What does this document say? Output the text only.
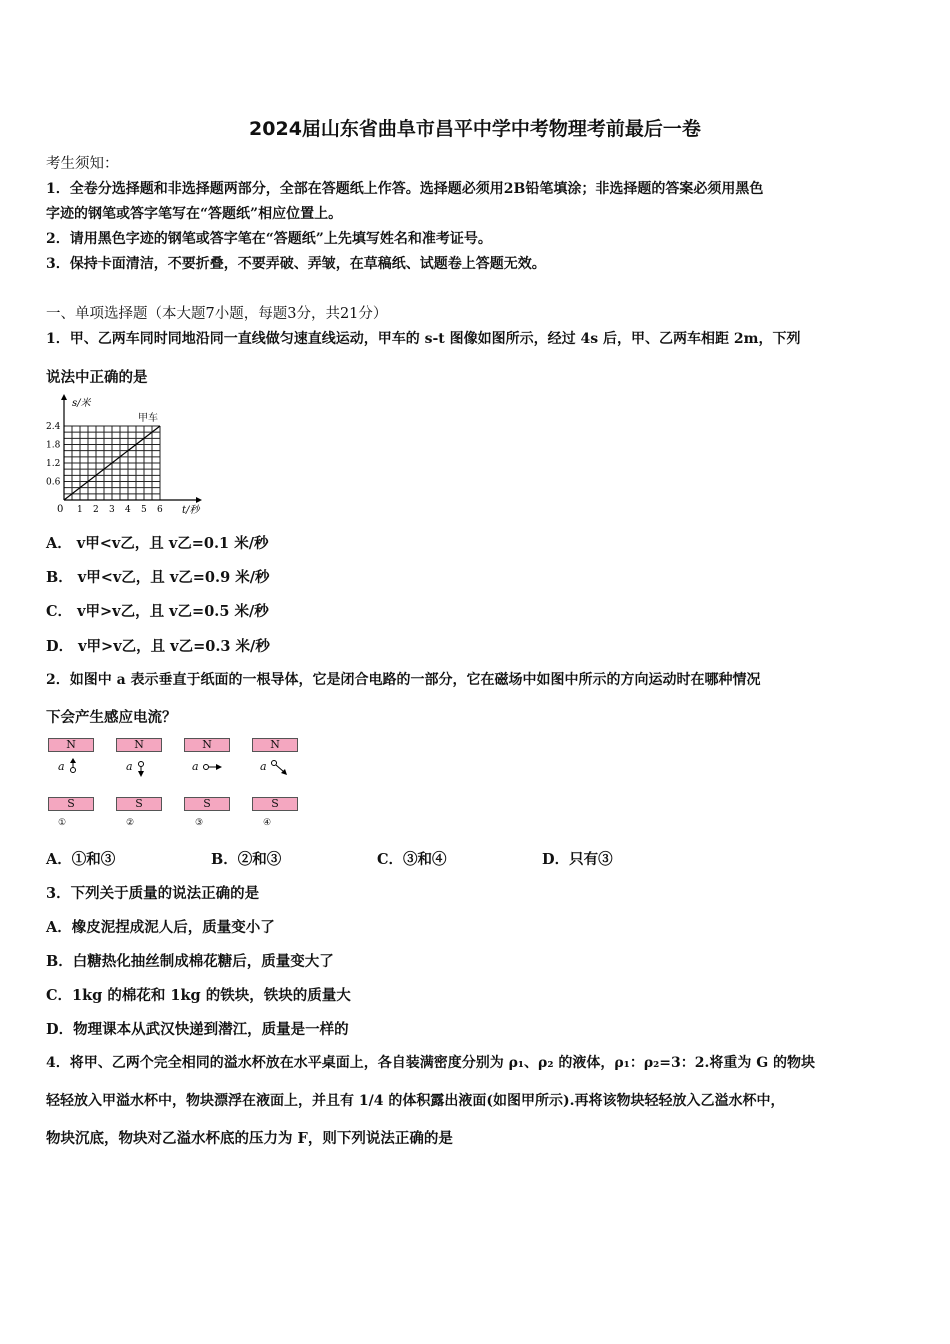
2024届山东省曲阜市昌平中学中考物理考前最后一卷
考生须知：
1．全卷分选择题和非选择题两部分，全部在答题纸上作答。选择题必须用2B铅笔填涂；非选择题的答案必须用黑色
字迹的钢笔或答字笔写在“答题纸”相应位置上。
2．请用黑色字迹的钢笔或答字笔在“答题纸”上先填写姓名和准考证号。
3．保持卡面清洁，不要折叠，不要弄破、弄皱，在草稿纸、试题卷上答题无效。
一、单项选择题（本大题7小题，每题3分，共21分）
1．甲、乙两车同时同地沿同一直线做匀速直线运动，甲车的 s-t 图像如图所示，经过 4s 后，甲、乙两车相距 2m，下列
说法中正确的是
s/米
t/秒
甲车
0
2.4
1.8
1.2
0.6
1 2 3 4 5 6
A． v甲<v乙，且 v乙=0.1 米/秒
B． v甲<v乙，且 v乙=0.9 米/秒
C． v甲>v乙，且 v乙=0.5 米/秒
D． v甲>v乙，且 v乙=0.3 米/秒
2．如图中 a 表示垂直于纸面的一根导体，它是闭合电路的一部分，它在磁场中如图中所示的方向运动时在哪种情况
下会产生感应电流？
N	N	N	N
a	a	a	a
S	S	S	S
①	②	③	④
A．①和③	B．②和③	C．③和④	D．只有③
3．下列关于质量的说法正确的是
A．橡皮泥捏成泥人后，质量变小了
B．白糖热化抽丝制成棉花糖后，质量变大了
C．1kg 的棉花和 1kg 的铁块，铁块的质量大
D．物理课本从武汉快递到潜江，质量是一样的
4．将甲、乙两个完全相同的溢水杯放在水平桌面上，各自装满密度分别为 ρ₁、ρ₂ 的液体，ρ₁：ρ₂=3：2.将重为 G 的物块
轻轻放入甲溢水杯中，物块漂浮在液面上，并且有 1/4 的体积露出液面(如图甲所示).再将该物块轻轻放入乙溢水杯中，
物块沉底，物块对乙溢水杯底的压力为 F，则下列说法正确的是
